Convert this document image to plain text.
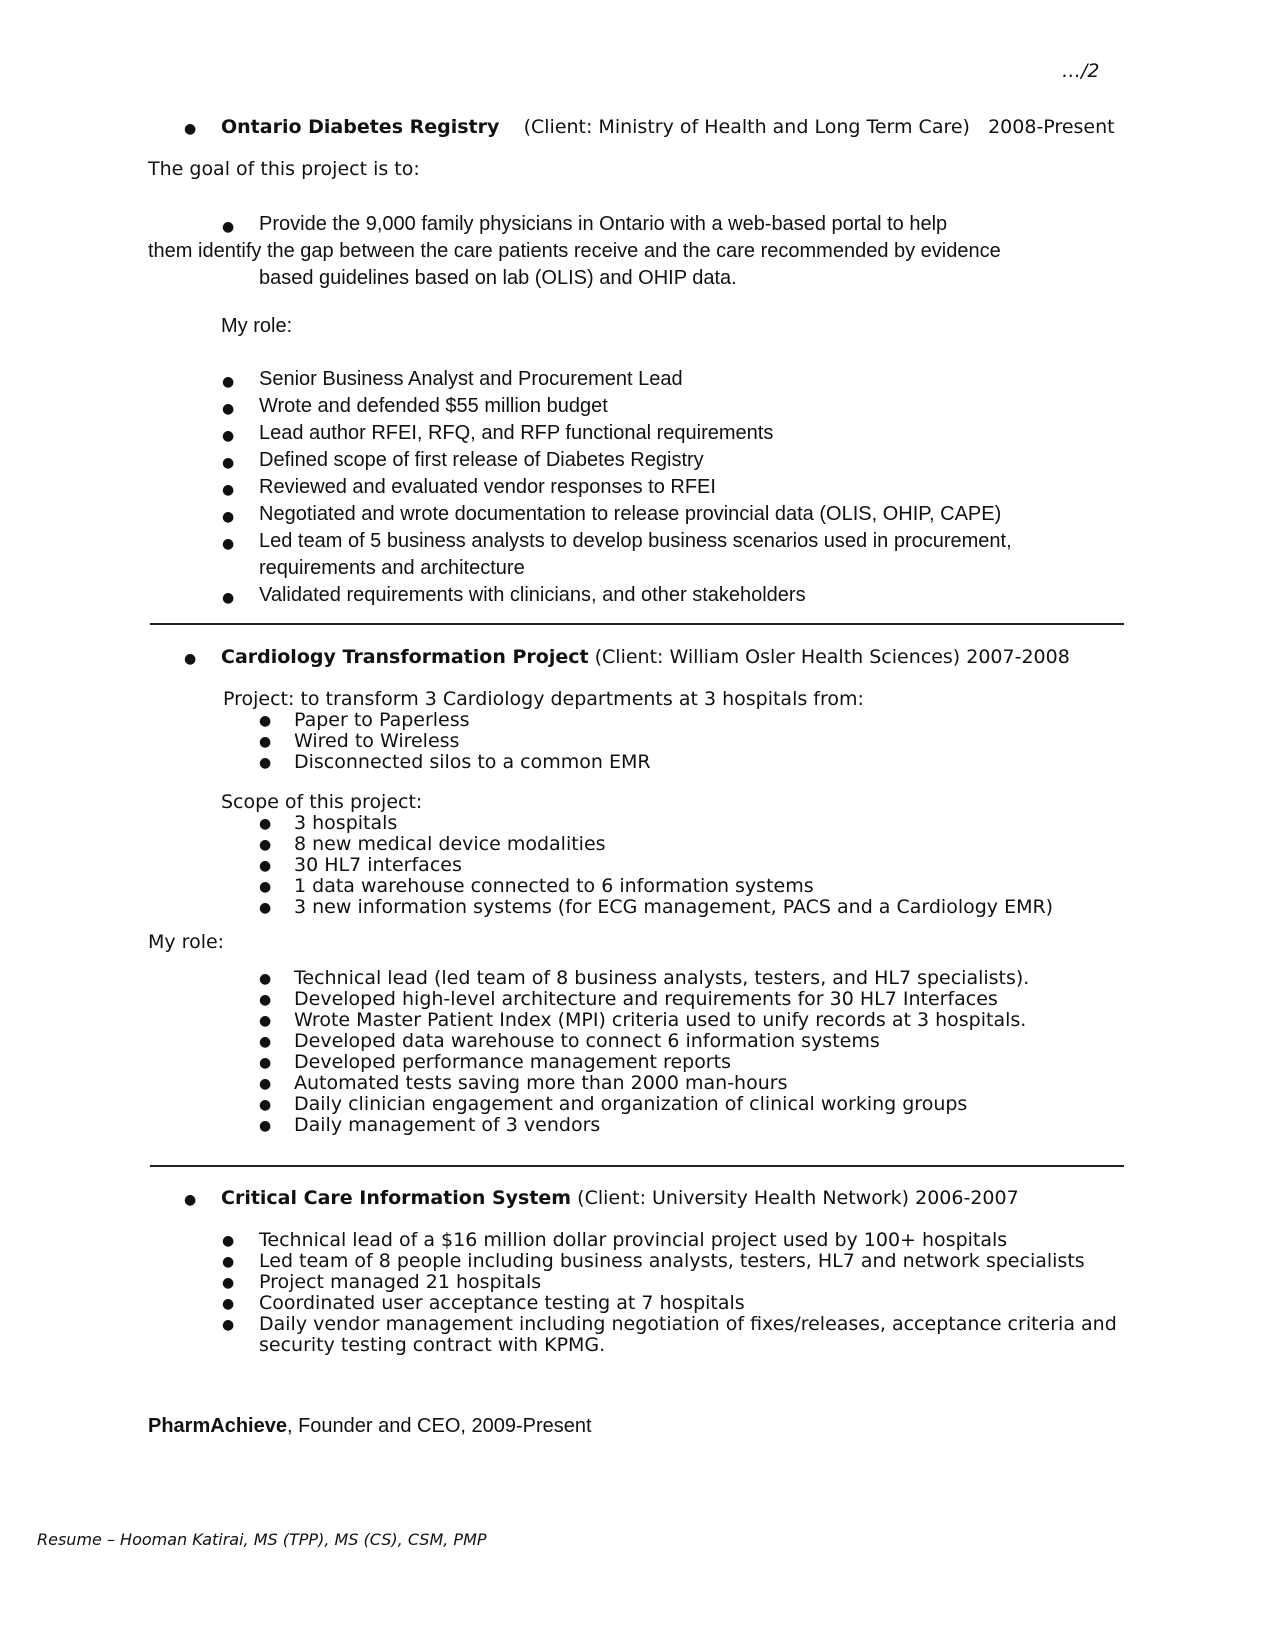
…/2
● Ontario Diabetes Registry (Client: Ministry of Health and Long Term Care) 2008-Present
The goal of this project is to:
● Provide the 9,000 family physicians in Ontario with a web-based portal to help
them identify the gap between the care patients receive and the care recommended by evidence
based guidelines based on lab (OLIS) and OHIP data.
My role:
● Senior Business Analyst and Procurement Lead
● Wrote and defended $55 million budget
● Lead author RFEI, RFQ, and RFP functional requirements
● Defined scope of first release of Diabetes Registry
● Reviewed and evaluated vendor responses to RFEI
● Negotiated and wrote documentation to release provincial data (OLIS, OHIP, CAPE)
● Led team of 5 business analysts to develop business scenarios used in procurement,
requirements and architecture
● Validated requirements with clinicians, and other stakeholders
● Cardiology Transformation Project (Client: William Osler Health Sciences) 2007-2008
Project: to transform 3 Cardiology departments at 3 hospitals from:
● Paper to Paperless
● Wired to Wireless
● Disconnected silos to a common EMR
Scope of this project:
● 3 hospitals
● 8 new medical device modalities
● 30 HL7 interfaces
● 1 data warehouse connected to 6 information systems
● 3 new information systems (for ECG management, PACS and a Cardiology EMR)
My role:
● Technical lead (led team of 8 business analysts, testers, and HL7 specialists).
● Developed high-level architecture and requirements for 30 HL7 Interfaces
● Wrote Master Patient Index (MPI) criteria used to unify records at 3 hospitals.
● Developed data warehouse to connect 6 information systems
● Developed performance management reports
● Automated tests saving more than 2000 man-hours
● Daily clinician engagement and organization of clinical working groups
● Daily management of 3 vendors
● Critical Care Information System (Client: University Health Network) 2006-2007
● Technical lead of a $16 million dollar provincial project used by 100+ hospitals
● Led team of 8 people including business analysts, testers, HL7 and network specialists
● Project managed 21 hospitals
● Coordinated user acceptance testing at 7 hospitals
● Daily vendor management including negotiation of fixes/releases, acceptance criteria and
security testing contract with KPMG.
PharmAchieve, Founder and CEO, 2009-Present
Resume – Hooman Katirai, MS (TPP), MS (CS), CSM, PMP
